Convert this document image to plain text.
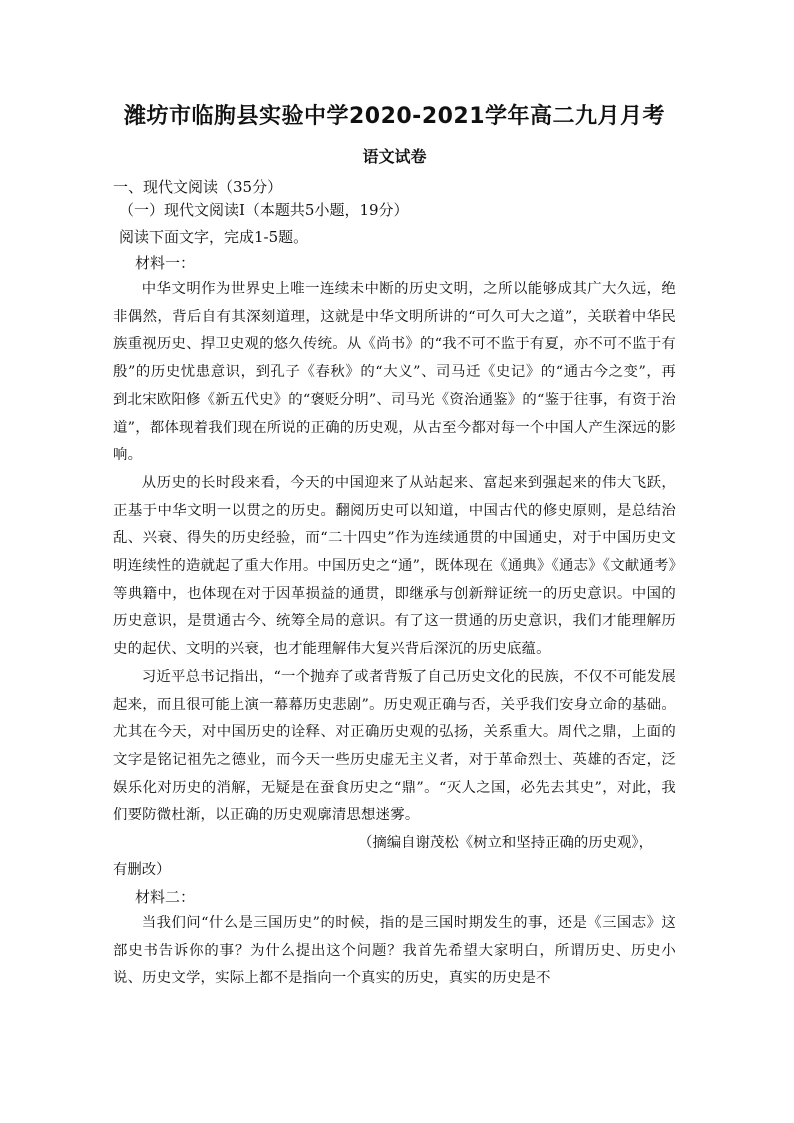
潍坊市临朐县实验中学2020-2021学年高二九月月考
语文试卷
一、现代文阅读（35分）
（一）现代文阅读Ⅰ（本题共5小题，19分）
阅读下面文字，完成1-5题。
材料一：

中华文明作为世界史上唯一连续未中断的历史文明，之所以能够成其广大久远，绝非偶然，背后自有其深刻道理，这就是中华文明所讲的“可久可大之道”，关联着中华民族重视历史、捍卫史观的悠久传统。从《尚书》的“我不可不监于有夏，亦不可不监于有殷”的历史忧患意识，到孔子《春秋》的“大义”、司马迁《史记》的“通古今之变”，再到北宋欧阳修《新五代史》的“褒贬分明”、司马光《资治通鉴》的“鉴于往事，有资于治道”，都体现着我们现在所说的正确的历史观，从古至今都对每一个中国人产生深远的影响。

从历史的长时段来看，今天的中国迎来了从站起来、富起来到强起来的伟大飞跃，正基于中华文明一以贯之的历史。翻阅历史可以知道，中国古代的修史原则，是总结治乱、兴衰、得失的历史经验，而“二十四史”作为连续通贯的中国通史，对于中国历史文明连续性的造就起了重大作用。中国历史之“通”，既体现在《通典》《通志》《文献通考》等典籍中，也体现在对于因革损益的通贯，即继承与创新辩证统一的历史意识。中国的历史意识，是贯通古今、统筹全局的意识。有了这一贯通的历史意识，我们才能理解历史的起伏、文明的兴衰，也才能理解伟大复兴背后深沉的历史底蕴。

习近平总书记指出，“一个抛弃了或者背叛了自己历史文化的民族，不仅不可能发展起来，而且很可能上演一幕幕历史悲剧”。历史观正确与否，关乎我们安身立命的基础。尤其在今天，对中国历史的诠释、对正确历史观的弘扬，关系重大。周代之鼎，上面的文字是铭记祖先之德业，而今天一些历史虚无主义者，对于革命烈士、英雄的否定，泛娱乐化对历史的消解，无疑是在蚕食历史之“鼎”。“灭人之国，必先去其史”，对此，我们要防微杜渐，以正确的历史观廓清思想迷雾。

（摘编自谢茂松《树立和坚持正确的历史观》，
有删改）
材料二：

当我们问“什么是三国历史”的时候，指的是三国时期发生的事，还是《三国志》这部史书告诉你的事？为什么提出这个问题？我首先希望大家明白，所谓历史、历史小说、历史文学，实际上都不是指向一个真实的历史，真实的历史是不
